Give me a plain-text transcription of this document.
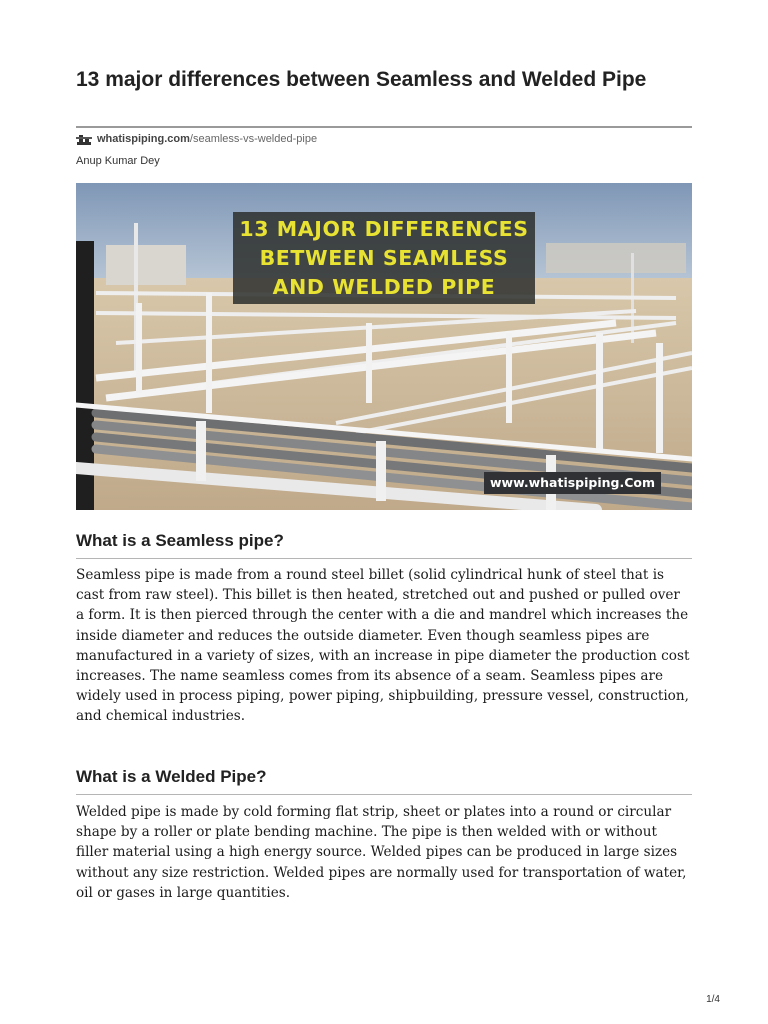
13 major differences between Seamless and Welded Pipe
whatispiping.com/seamless-vs-welded-pipe
Anup Kumar Dey
13 MAJOR DIFFERENCES
BETWEEN SEAMLESS
AND WELDED PIPE
www.whatispiping.Com
What is a Seamless pipe?

Seamless pipe is made from a round steel billet (solid cylindrical hunk of steel that is cast from raw steel). This billet is then heated, stretched out and pushed or pulled over a form. It is then pierced through the center with a die and mandrel which increases the inside diameter and reduces the outside diameter. Even though seamless pipes are manufactured in a variety of sizes, with an increase in pipe diameter the production cost increases. The name seamless comes from its absence of a seam. Seamless pipes are widely used in process piping, power piping, shipbuilding, pressure vessel, construction, and chemical industries.

What is a Welded Pipe?

Welded pipe is made by cold forming flat strip, sheet or plates into a round or circular shape by a roller or plate bending machine. The pipe is then welded with or without filler material using a high energy source. Welded pipes can be produced in large sizes without any size restriction. Welded pipes are normally used for transportation of water, oil or gases in large quantities.

1/4
